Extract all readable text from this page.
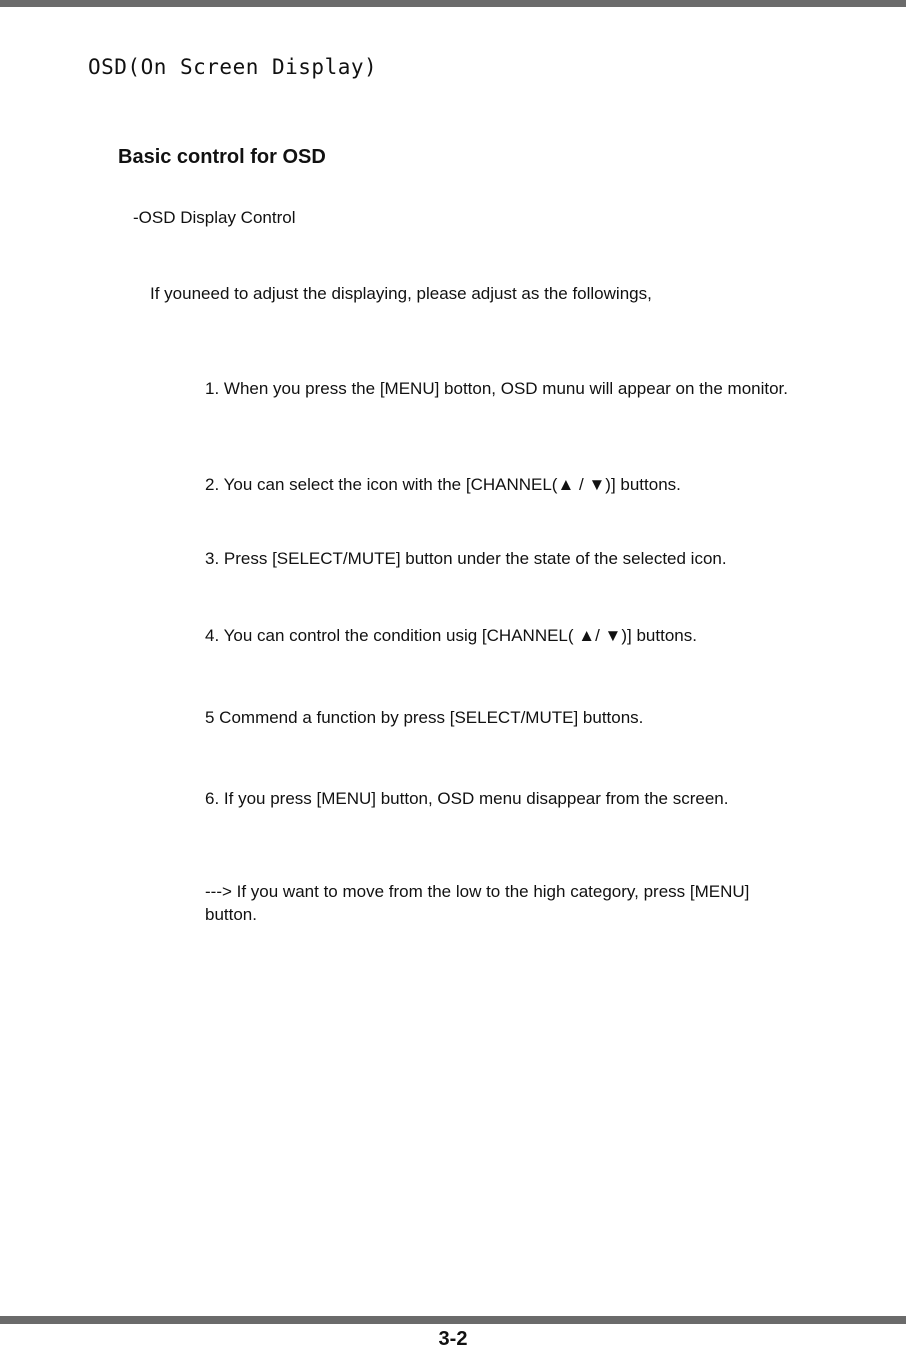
OSD(On Screen Display)
Basic control for OSD
-OSD Display Control
If youneed to adjust the displaying, please adjust as the followings,
1. When you press the [MENU] botton, OSD munu will appear on the monitor.
2. You can select the icon with the [CHANNEL(▲ / ▼)] buttons.
3. Press [SELECT/MUTE] button under the state of the selected icon.
4. You can control the condition usig [CHANNEL( ▲/ ▼)] buttons.
5 Commend a function by press [SELECT/MUTE] buttons.
6. If you press [MENU] button, OSD menu disappear from the screen.
---> If you want to move from the low to the high category, press [MENU] button.
3-2
